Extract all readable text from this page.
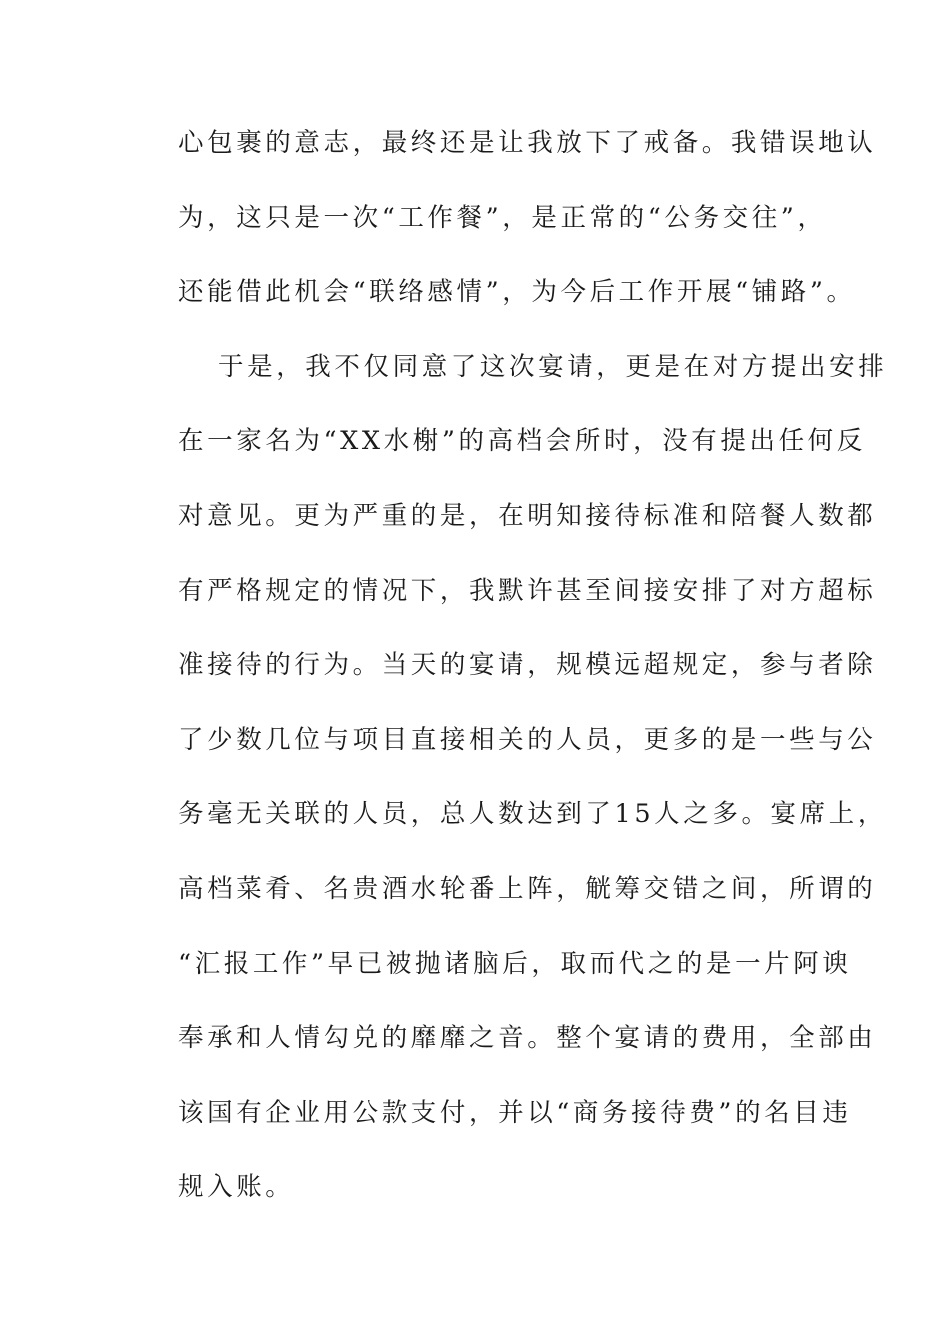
心包裹的意志，最终还是让我放下了戒备。我错误地认
为，这只是一次“工作餐”，是正常的“公务交往”，
还能借此机会“联络感情”，为今后工作开展“铺路”。
于是，我不仅同意了这次宴请，更是在对方提出安排
在一家名为“XX水榭”的高档会所时，没有提出任何反
对意见。更为严重的是，在明知接待标准和陪餐人数都
有严格规定的情况下，我默许甚至间接安排了对方超标
准接待的行为。当天的宴请，规模远超规定，参与者除
了少数几位与项目直接相关的人员，更多的是一些与公
务毫无关联的人员，总人数达到了15人之多。宴席上，
高档菜肴、名贵酒水轮番上阵，觥筹交错之间，所谓的
“汇报工作”早已被抛诸脑后，取而代之的是一片阿谀
奉承和人情勾兑的靡靡之音。整个宴请的费用，全部由
该国有企业用公款支付，并以“商务接待费”的名目违
规入账。
